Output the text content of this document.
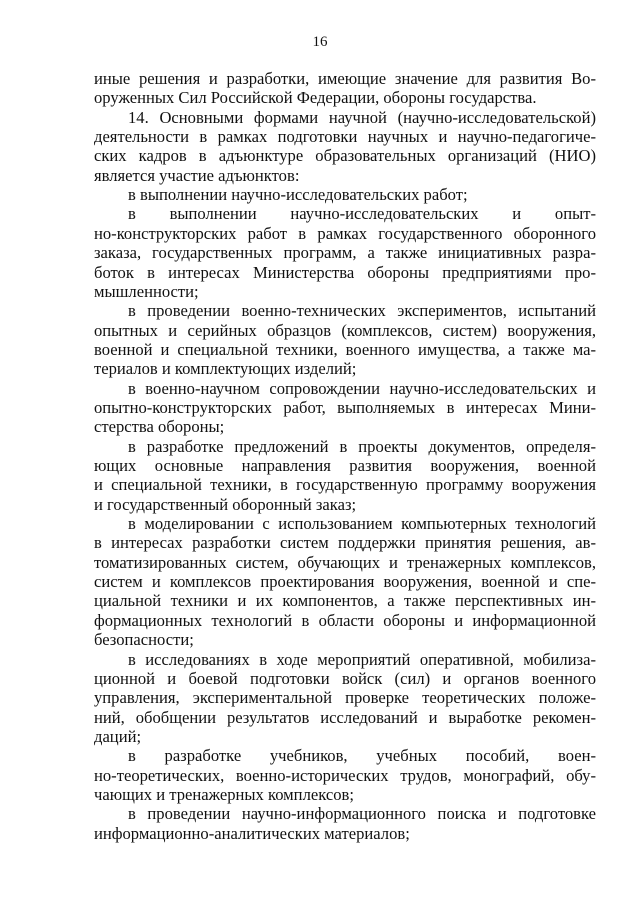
16
иные решения и разработки, имеющие значение для развития Во-
оруженных Сил Российской Федерации, обороны государства.
14. Основными формами научной (научно-исследовательской)
деятельности в рамках подготовки научных и научно-педагогиче-
ских кадров в адъюнктуре образовательных организаций (НИО)
является участие адъюнктов:
в выполнении научно-исследовательских работ;
в выполнении научно-исследовательских и опыт-
но-конструкторских работ в рамках государственного оборонного
заказа, государственных программ, а также инициативных разра-
боток в интересах Министерства обороны предприятиями про-
мышленности;
в проведении военно-технических экспериментов, испытаний
опытных и серийных образцов (комплексов, систем) вооружения,
военной и специальной техники, военного имущества, а также ма-
териалов и комплектующих изделий;
в военно-научном сопровождении научно-исследовательских и
опытно-конструкторских работ, выполняемых в интересах Мини-
стерства обороны;
в разработке предложений в проекты документов, определя-
ющих основные направления развития вооружения, военной
и специальной техники, в государственную программу вооружения
и государственный оборонный заказ;
в моделировании с использованием компьютерных технологий
в интересах разработки систем поддержки принятия решения, ав-
томатизированных систем, обучающих и тренажерных комплексов,
систем и комплексов проектирования вооружения, военной и спе-
циальной техники и их компонентов, а также перспективных ин-
формационных технологий в области обороны и информационной
безопасности;
в исследованиях в ходе мероприятий оперативной, мобилиза-
ционной и боевой подготовки войск (сил) и органов военного
управления, экспериментальной проверке теоретических положе-
ний, обобщении результатов исследований и выработке рекомен-
даций;
в разработке учебников, учебных пособий, воен-
но-теоретических, военно-исторических трудов, монографий, обу-
чающих и тренажерных комплексов;
в проведении научно-информационного поиска и подготовке
информационно-аналитических материалов;
